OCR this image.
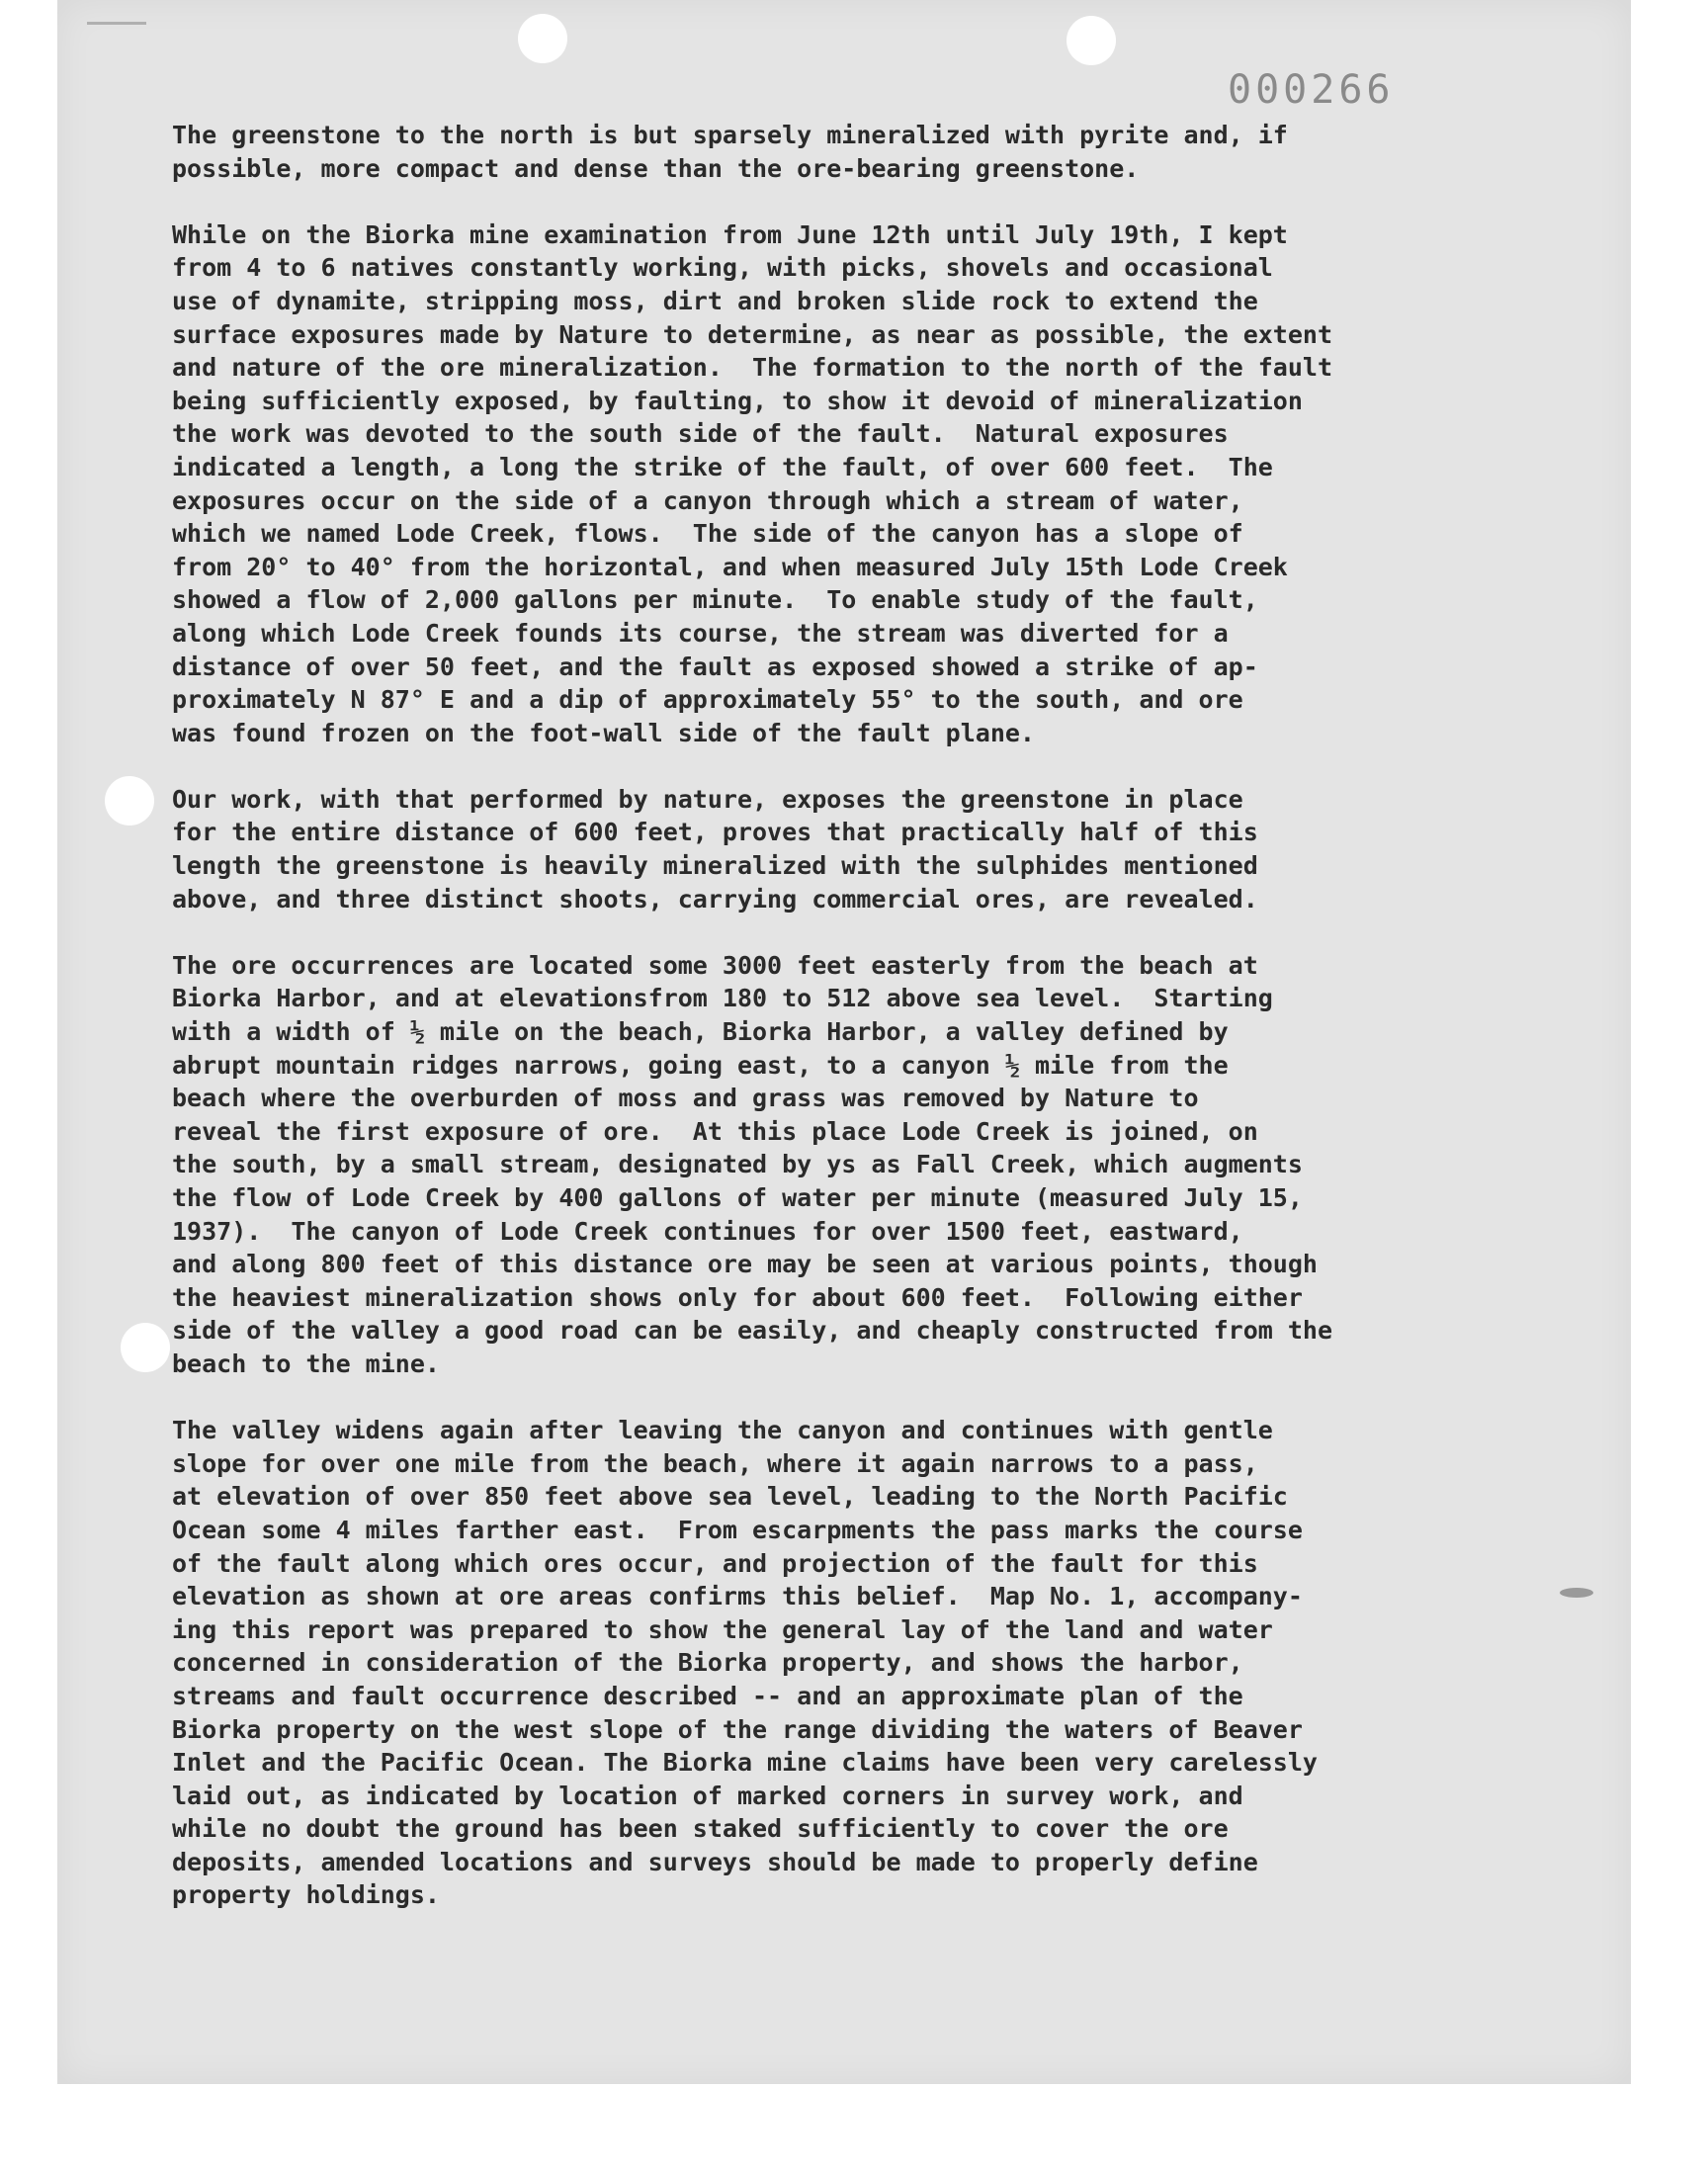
000266
The greenstone to the north is but sparsely mineralized with pyrite and, if
possible, more compact and dense than the ore-bearing greenstone.
While on the Biorka mine examination from June 12th until July 19th, I kept
from 4 to 6 natives constantly working, with picks, shovels and occasional
use of dynamite, stripping moss, dirt and broken slide rock to extend the
surface exposures made by Nature to determine, as near as possible, the extent
and nature of the ore mineralization.  The formation to the north of the fault
being sufficiently exposed, by faulting, to show it devoid of mineralization
the work was devoted to the south side of the fault.  Natural exposures
indicated a length, a long the strike of the fault, of over 600 feet.  The
exposures occur on the side of a canyon through which a stream of water,
which we named Lode Creek, flows.  The side of the canyon has a slope of
from 20° to 40° from the horizontal, and when measured July 15th Lode Creek
showed a flow of 2,000 gallons per minute.  To enable study of the fault,
along which Lode Creek founds its course, the stream was diverted for a
distance of over 50 feet, and the fault as exposed showed a strike of ap-
proximately N 87° E and a dip of approximately 55° to the south, and ore
was found frozen on the foot-wall side of the fault plane.
Our work, with that performed by nature, exposes the greenstone in place
for the entire distance of 600 feet, proves that practically half of this
length the greenstone is heavily mineralized with the sulphides mentioned
above, and three distinct shoots, carrying commercial ores, are revealed.
The ore occurrences are located some 3000 feet easterly from the beach at
Biorka Harbor, and at elevationsfrom 180 to 512 above sea level.  Starting
with a width of ½ mile on the beach, Biorka Harbor, a valley defined by
abrupt mountain ridges narrows, going east, to a canyon ½ mile from the
beach where the overburden of moss and grass was removed by Nature to
reveal the first exposure of ore.  At this place Lode Creek is joined, on
the south, by a small stream, designated by ys as Fall Creek, which augments
the flow of Lode Creek by 400 gallons of water per minute (measured July 15,
1937).  The canyon of Lode Creek continues for over 1500 feet, eastward,
and along 800 feet of this distance ore may be seen at various points, though
the heaviest mineralization shows only for about 600 feet.  Following either
side of the valley a good road can be easily, and cheaply constructed from the
beach to the mine.
The valley widens again after leaving the canyon and continues with gentle
slope for over one mile from the beach, where it again narrows to a pass,
at elevation of over 850 feet above sea level, leading to the North Pacific
Ocean some 4 miles farther east.  From escarpments the pass marks the course
of the fault along which ores occur, and projection of the fault for this
elevation as shown at ore areas confirms this belief.  Map No. 1, accompany-
ing this report was prepared to show the general lay of the land and water
concerned in consideration of the Biorka property, and shows the harbor,
streams and fault occurrence described -- and an approximate plan of the
Biorka property on the west slope of the range dividing the waters of Beaver
Inlet and the Pacific Ocean. The Biorka mine claims have been very carelessly
laid out, as indicated by location of marked corners in survey work, and
while no doubt the ground has been staked sufficiently to cover the ore
deposits, amended locations and surveys should be made to properly define
property holdings.
